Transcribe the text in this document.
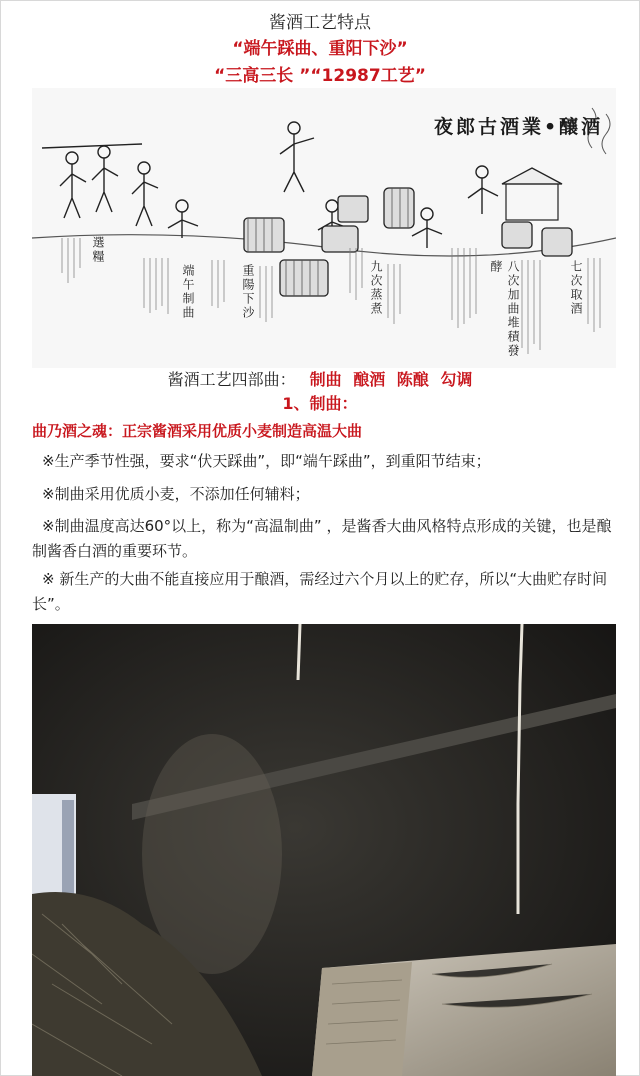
酱酒工艺特点
“端午踩曲、重阳下沙”
“三高三长 ”“12987工艺”
夜郎古酒業•釀酒
選糧
端午制曲	重陽下沙	九次蒸煮	八次加曲堆積發酵	七次取酒
酱酒工艺四部曲： 制曲 酿酒 陈酿 勾调
1、制曲：
曲乃酒之魂：正宗酱酒采用优质小麦制造高温大曲

※生产季节性强，要求“伏天踩曲”，即“端午踩曲”，到重阳节结束；

※制曲采用优质小麦，不添加任何辅料；

※制曲温度高达60°以上，称为“高温制曲” ，是酱香大曲风格特点形成的关键，也是酿制酱香白酒的重要环节。

※ 新生产的大曲不能直接应用于酿酒，需经过六个月以上的贮存，所以“大曲贮存时间长”。
